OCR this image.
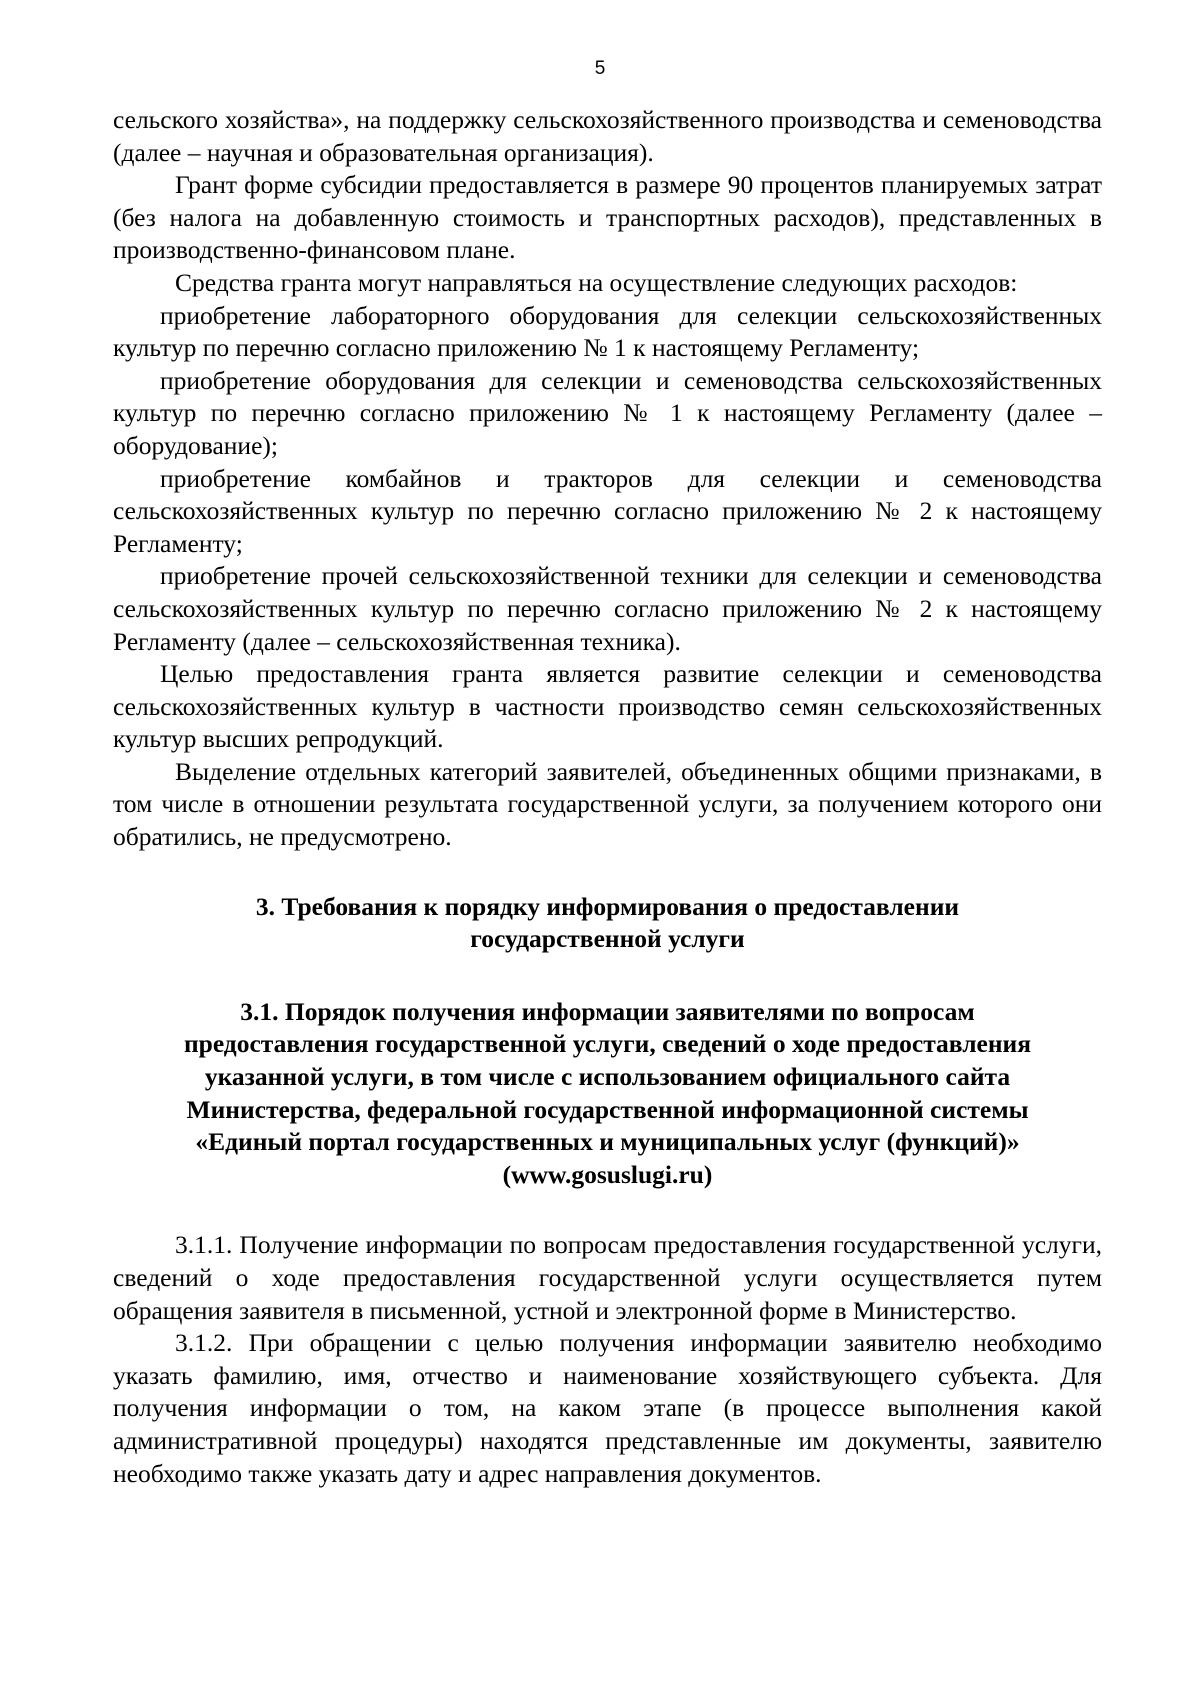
5

сельского хозяйства», на поддержку сельскохозяйственного производства и семеноводства (далее – научная и образовательная организация).

Грант форме субсидии предоставляется в размере 90 процентов планируемых затрат (без налога на добавленную стоимость и транспортных расходов), представленных в производственно-финансовом плане.

Средства гранта могут направляться на осуществление следующих расходов:

приобретение лабораторного оборудования для селекции сельскохозяйственных культур по перечню согласно приложению № 1 к настоящему Регламенту;

приобретение оборудования для селекции и семеноводства сельскохозяйственных культур по перечню согласно приложению № 1 к настоящему Регламенту (далее – оборудование);

приобретение комбайнов и тракторов для селекции и семеноводства сельскохозяйственных культур по перечню согласно приложению № 2 к настоящему Регламенту;

приобретение прочей сельскохозяйственной техники для селекции и семеноводства сельскохозяйственных культур по перечню согласно приложению № 2 к настоящему Регламенту (далее – сельскохозяйственная техника).

Целью предоставления гранта является развитие селекции и семеноводства сельскохозяйственных культур в частности производство семян сельскохозяйственных культур высших репродукций.

Выделение отдельных категорий заявителей, объединенных общими признаками, в том числе в отношении результата государственной услуги, за получением которого они обратились, не предусмотрено.

3. Требования к порядку информирования о предоставлении
государственной услуги
3.1. Порядок получения информации заявителями по вопросам
предоставления государственной услуги, сведений о ходе предоставления
указанной услуги, в том числе с использованием официального сайта
Министерства, федеральной государственной информационной системы
«Единый портал государственных и муниципальных услуг (функций)»
(www.gosuslugi.ru)

3.1.1. Получение информации по вопросам предоставления государственной услуги, сведений о ходе предоставления государственной услуги осуществляется путем обращения заявителя в письменной, устной и электронной форме в Министерство.

3.1.2. При обращении с целью получения информации заявителю необходимо указать фамилию, имя, отчество и наименование хозяйствующего субъекта. Для получения информации о том, на каком этапе (в процессе выполнения какой административной процедуры) находятся представленные им документы, заявителю необходимо также указать дату и адрес направления документов.
